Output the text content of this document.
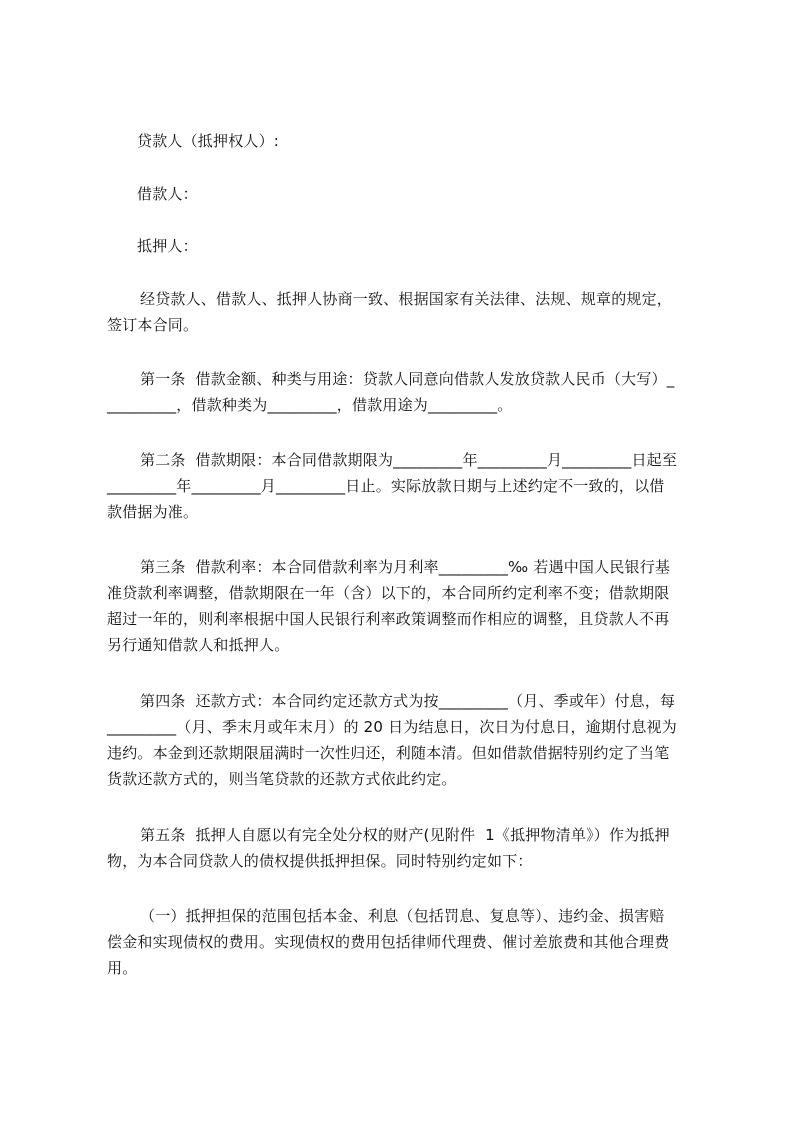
贷款人（抵押权人）:
借款人：
抵押人：
经贷款人、借款人、抵押人协商一致、根据国家有关法律、法规、规章的规定，
签订本合同。
第一条  借款金额、种类与用途：贷款人同意向借款人发放贷款人民币（大写）_
_________，借款种类为_________，借款用途为_________。
第二条  借款期限：本合同借款期限为_________年_________月_________日起至
_________年_________月_________日止。实际放款日期与上述约定不一致的，以借
款借据为准。
第三条  借款利率：本合同借款利率为月利率_________‰ 若遇中国人民银行基
准贷款利率调整，借款期限在一年（含）以下的，本合同所约定利率不变；借款期限
超过一年的，则利率根据中国人民银行利率政策调整而作相应的调整，且贷款人不再
另行通知借款人和抵押人。
第四条  还款方式：本合同约定还款方式为按_________（月、季或年）付息，每
_________（月、季末月或年末月）的 20 日为结息日，次日为付息日，逾期付息视为
违约。本金到还款期限届满时一次性归还，利随本清。但如借款借据特别约定了当笔
货款还款方式的，则当笔贷款的还款方式依此约定。
第五条  抵押人自愿以有完全处分权的财产(见附件  1《抵押物清单》）作为抵押
物，为本合同贷款人的债权提供抵押担保。同时特别约定如下：
（一）抵押担保的范围包括本金、利息（包括罚息、复息等）、违约金、损害赔
偿金和实现债权的费用。实现债权的费用包括律师代理费、催讨差旅费和其他合理费
用。
